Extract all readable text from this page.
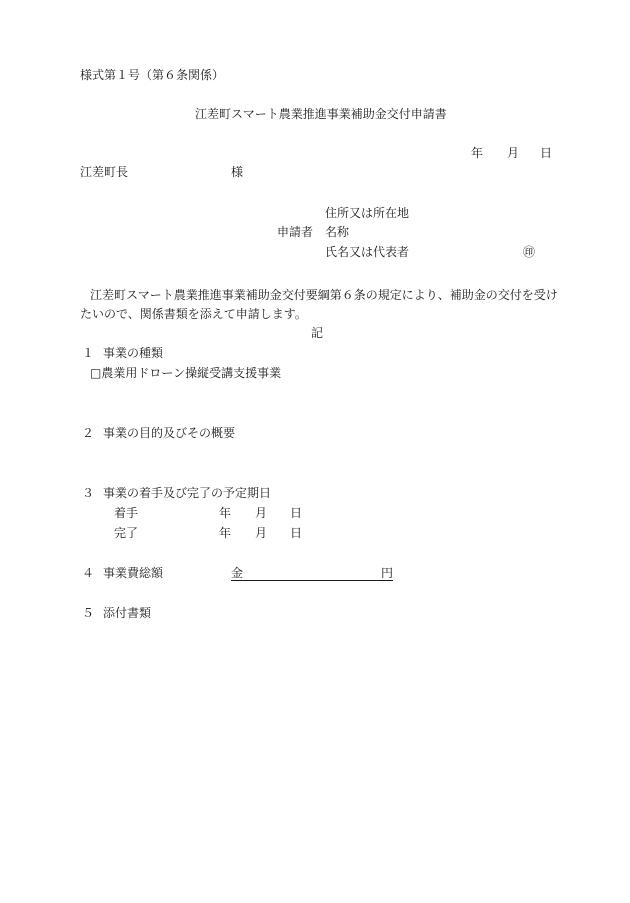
様式第１号（第６条関係）
江差町スマート農業推進事業補助金交付申請書
年 月 日
江差町長	様
住所又は所在地
申請者 名称
氏名又は代表者	㊞
江差町スマート農業推進事業補助金交付要綱第６条の規定により、補助金の交付を受け
たいので、関係書類を添えて申請します。
記
１ 事業の種類
□農業用ドローン操縦受講支援事業
２ 事業の目的及びその概要
３ 事業の着手及び完了の予定期日
着手	年 月 日
完了	年 月 日
４ 事業費総額	金	円
５ 添付書類
